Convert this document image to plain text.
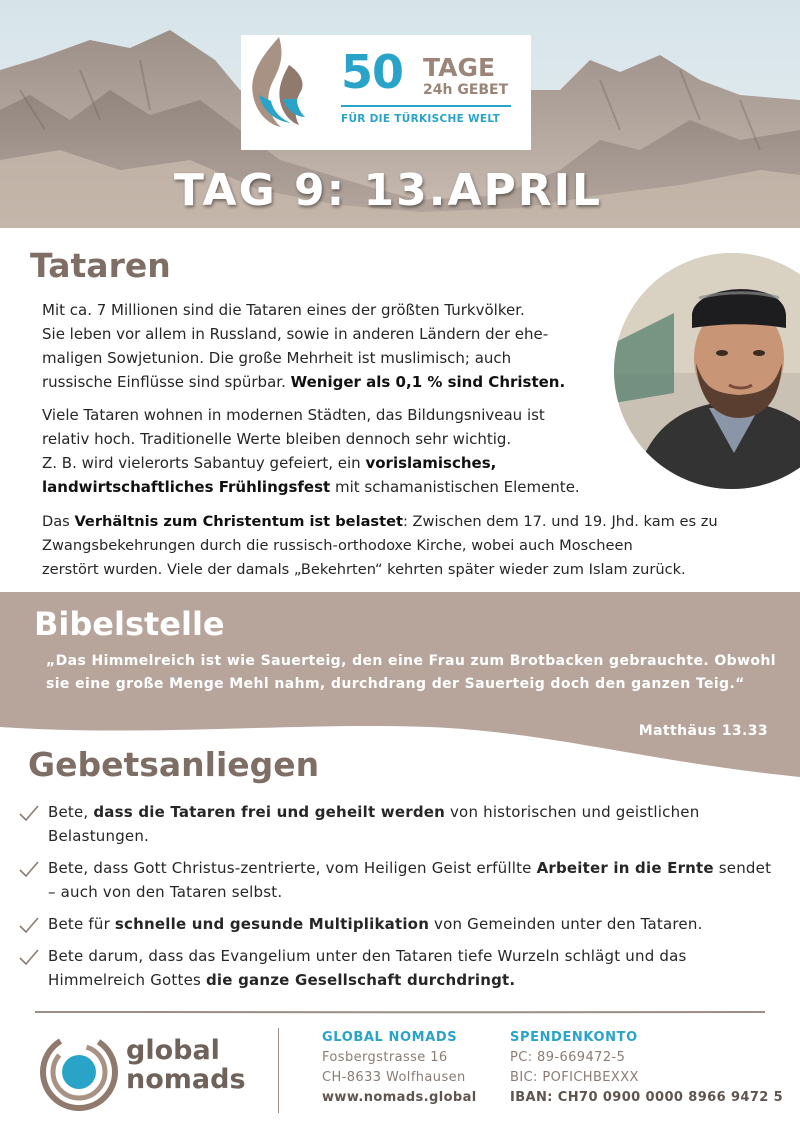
50 TAGE
24h GEBET
FÜR DIE TÜRKISCHE WELT
TAG 9: 13.APRIL
Tataren
Mit ca. 7 Millionen sind die Tataren eines der größten Turkvölker.
Sie leben vor allem in Russland, sowie in anderen Ländern der ehe-
maligen Sowjetunion. Die große Mehrheit ist muslimisch; auch
russische Einflüsse sind spürbar. Weniger als 0,1 % sind Christen.
Viele Tataren wohnen in modernen Städten, das Bildungsniveau ist
relativ hoch. Traditionelle Werte bleiben dennoch sehr wichtig.
Z. B. wird vielerorts Sabantuy gefeiert, ein vorislamisches,
landwirtschaftliches Frühlingsfest mit schamanistischen Elemente.
Das Verhältnis zum Christentum ist belastet: Zwischen dem 17. und 19. Jhd. kam es zu
Zwangsbekehrungen durch die russisch-orthodoxe Kirche, wobei auch Moscheen
zerstört wurden. Viele der damals „Bekehrten“ kehrten später wieder zum Islam zurück.
Bibelstelle
„Das Himmelreich ist wie Sauerteig, den eine Frau zum Brotbacken gebrauchte. Obwohl sie eine große Menge Mehl nahm, durchdrang der Sauerteig doch den ganzen Teig.“
Matthäus 13.33
Gebetsanliegen
Bete, dass die Tataren frei und geheilt werden von historischen und geistlichen Belastungen.
Bete, dass Gott Christus-zentrierte, vom Heiligen Geist erfüllte Arbeiter in die Ernte sendet – auch von den Tataren selbst.
Bete für schnelle und gesunde Multiplikation von Gemeinden unter den Tataren.
Bete darum, dass das Evangelium unter den Tataren tiefe Wurzeln schlägt und das Himmelreich Gottes die ganze Gesellschaft durchdringt.
global
nomads
GLOBAL NOMADS
Fosbergstrasse 16
CH-8633 Wolfhausen
www.nomads.global
SPENDENKONTO
PC: 89-669472-5
BIC: POFICHBEXXX
IBAN: CH70 0900 0000 8966 9472 5
